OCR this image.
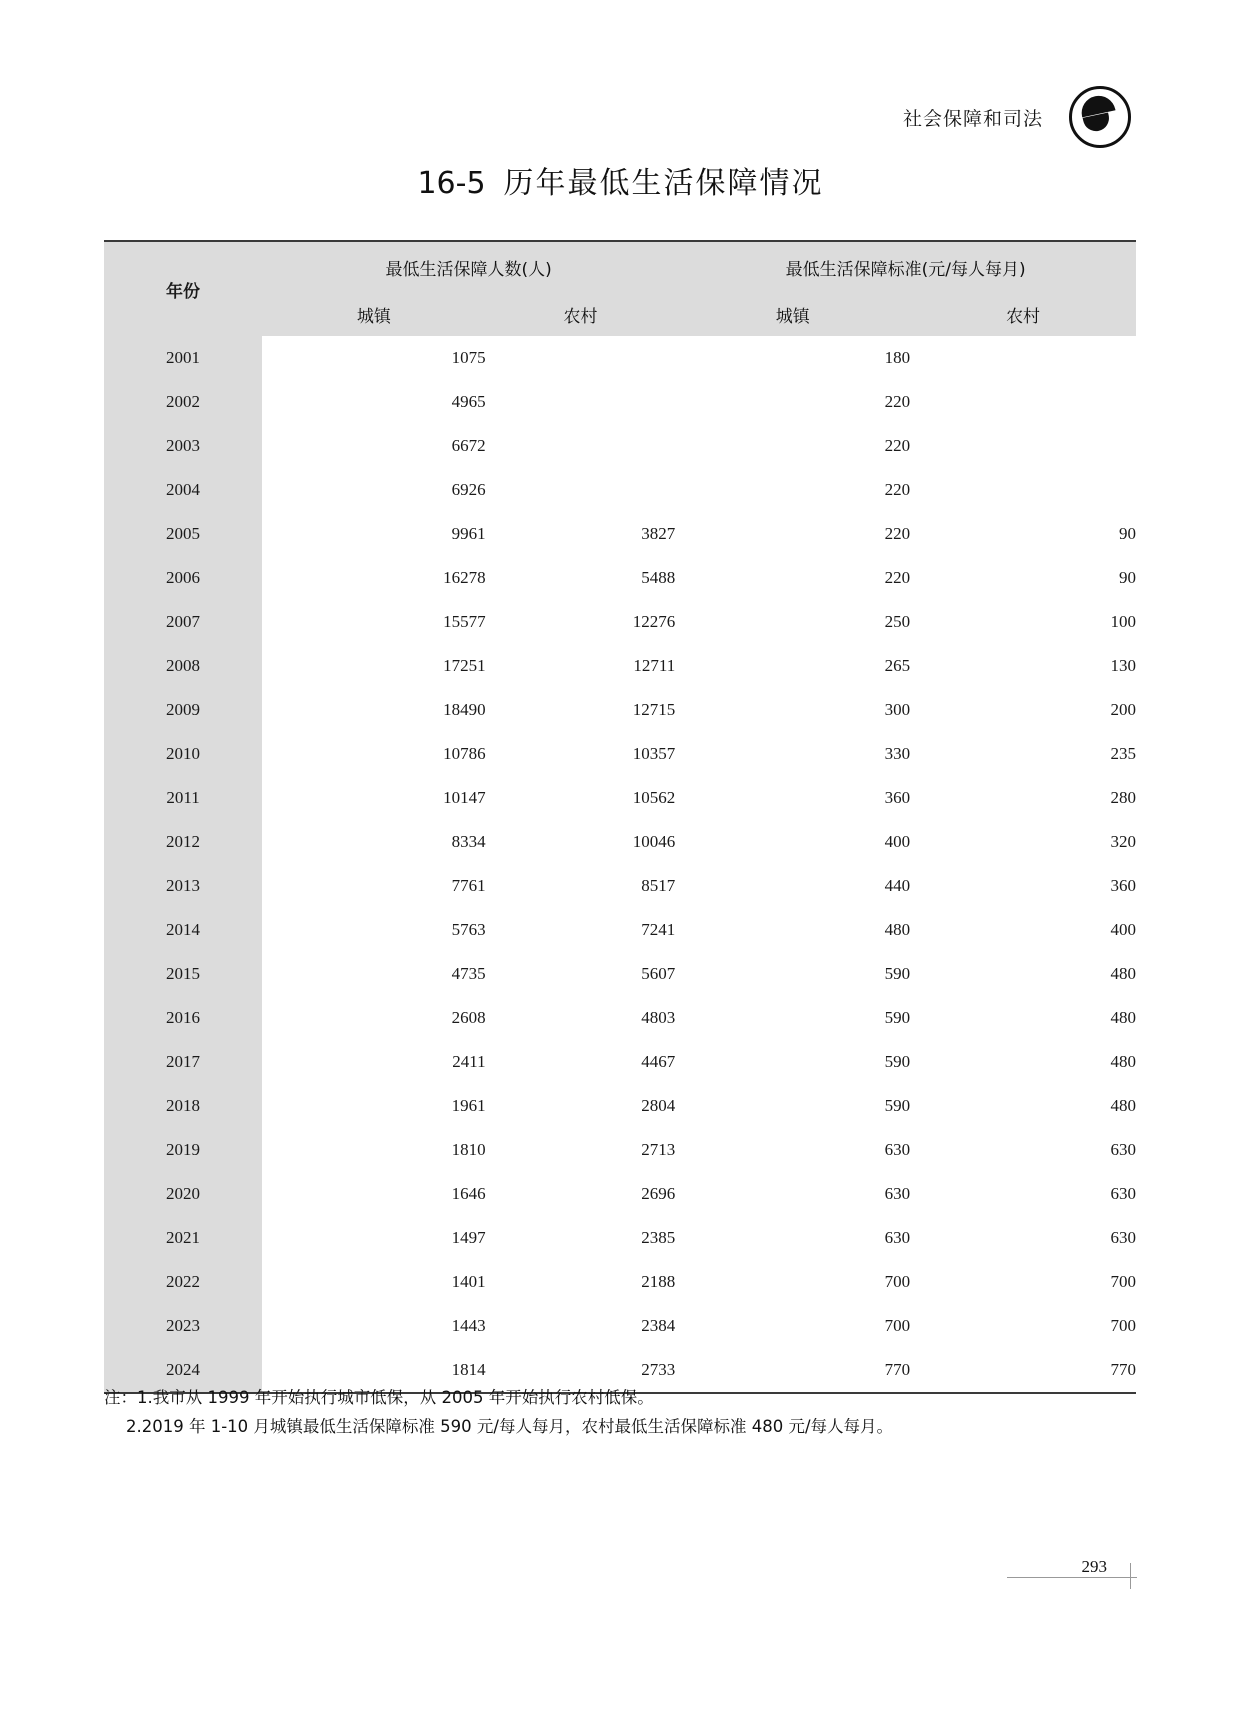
社会保障和司法
16-5 历年最低生活保障情况
年份	最低生活保障人数(人)		最低生活保障标准(元/每人每月)	
	城镇	农村	城镇	农村
2001	1075		180	
2002	4965		220	
2003	6672		220	
2004	6926		220	
2005	9961	3827	220	90
2006	16278	5488	220	90
2007	15577	12276	250	100
2008	17251	12711	265	130
2009	18490	12715	300	200
2010	10786	10357	330	235
2011	10147	10562	360	280
2012	8334	10046	400	320
2013	7761	8517	440	360
2014	5763	7241	480	400
2015	4735	5607	590	480
2016	2608	4803	590	480
2017	2411	4467	590	480
2018	1961	2804	590	480
2019	1810	2713	630	630
2020	1646	2696	630	630
2021	1497	2385	630	630
2022	1401	2188	700	700
2023	1443	2384	700	700
2024	1814	2733	770	770
注：1.我市从 1999 年开始执行城市低保，从 2005 年开始执行农村低保。
2.2019 年 1-10 月城镇最低生活保障标准 590 元/每人每月，农村最低生活保障标准 480 元/每人每月。
293
